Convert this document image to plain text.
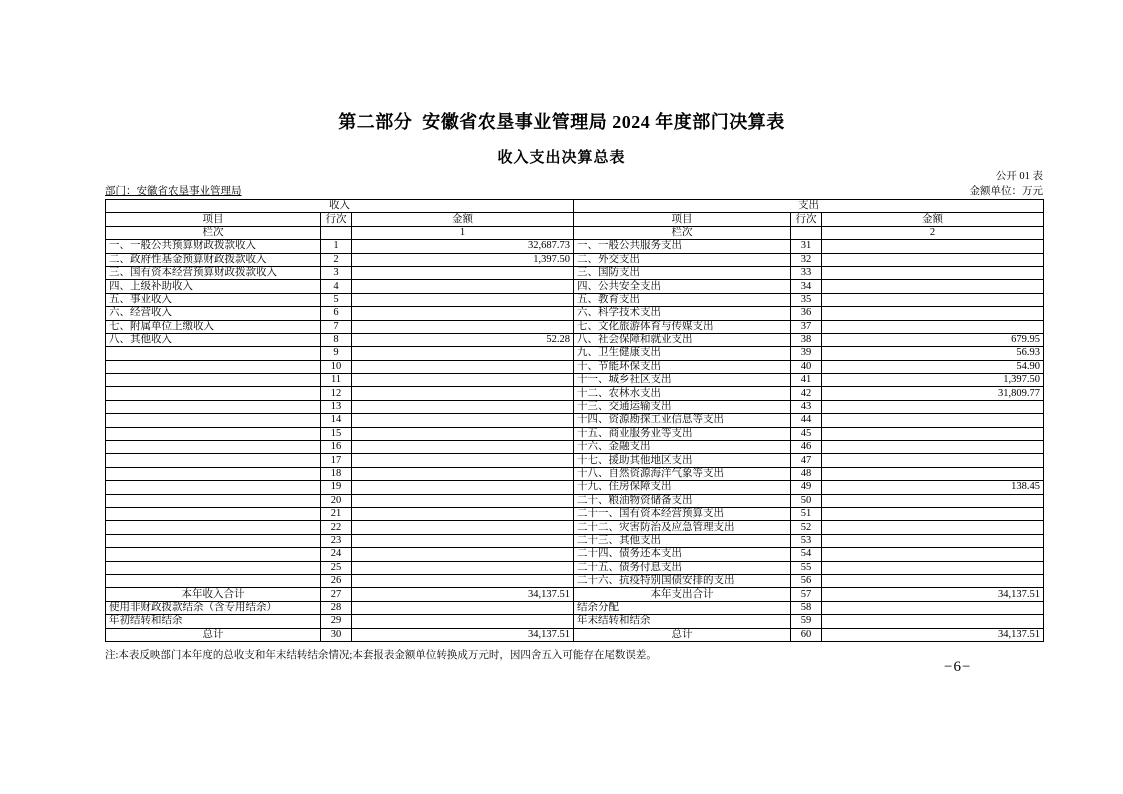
第二部分  安徽省农垦事业管理局 2024 年度部门决算表
收入支出决算总表
公开 01 表
部门：安徽省农垦事业管理局	金额单位：万元
收入			支出		
项目	行次	金额	项目	行次	金额
栏次		1	栏次		2
一、一般公共预算财政拨款收入	1	32,687.73	一、一般公共服务支出	31	
二、政府性基金预算财政拨款收入	2	1,397.50	二、外交支出	32	
三、国有资本经营预算财政拨款收入	3		三、国防支出	33	
四、上级补助收入	4		四、公共安全支出	34	
五、事业收入	5		五、教育支出	35	
六、经营收入	6		六、科学技术支出	36	
七、附属单位上缴收入	7		七、文化旅游体育与传媒支出	37	
八、其他收入	8	52.28	八、社会保障和就业支出	38	679.95
	9		九、卫生健康支出	39	56.93
	10		十、节能环保支出	40	54.90
	11		十一、城乡社区支出	41	1,397.50
	12		十二、农林水支出	42	31,809.77
	13		十三、交通运输支出	43	
	14		十四、资源勘探工业信息等支出	44	
	15		十五、商业服务业等支出	45	
	16		十六、金融支出	46	
	17		十七、援助其他地区支出	47	
	18		十八、自然资源海洋气象等支出	48	
	19		十九、住房保障支出	49	138.45
	20		二十、粮油物资储备支出	50	
	21		二十一、国有资本经营预算支出	51	
	22		二十二、灾害防治及应急管理支出	52	
	23		二十三、其他支出	53	
	24		二十四、债务还本支出	54	
	25		二十五、债务付息支出	55	
	26		二十六、抗疫特别国债安排的支出	56	
本年收入合计	27	34,137.51	本年支出合计	57	34,137.51
使用非财政拨款结余（含专用结余）	28		结余分配	58	
年初结转和结余	29		年末结转和结余	59	
总计	30	34,137.51	总计	60	34,137.51
注:本表反映部门本年度的总收支和年末结转结余情况;本套报表金额单位转换成万元时，因四舍五入可能存在尾数误差。
−6−
